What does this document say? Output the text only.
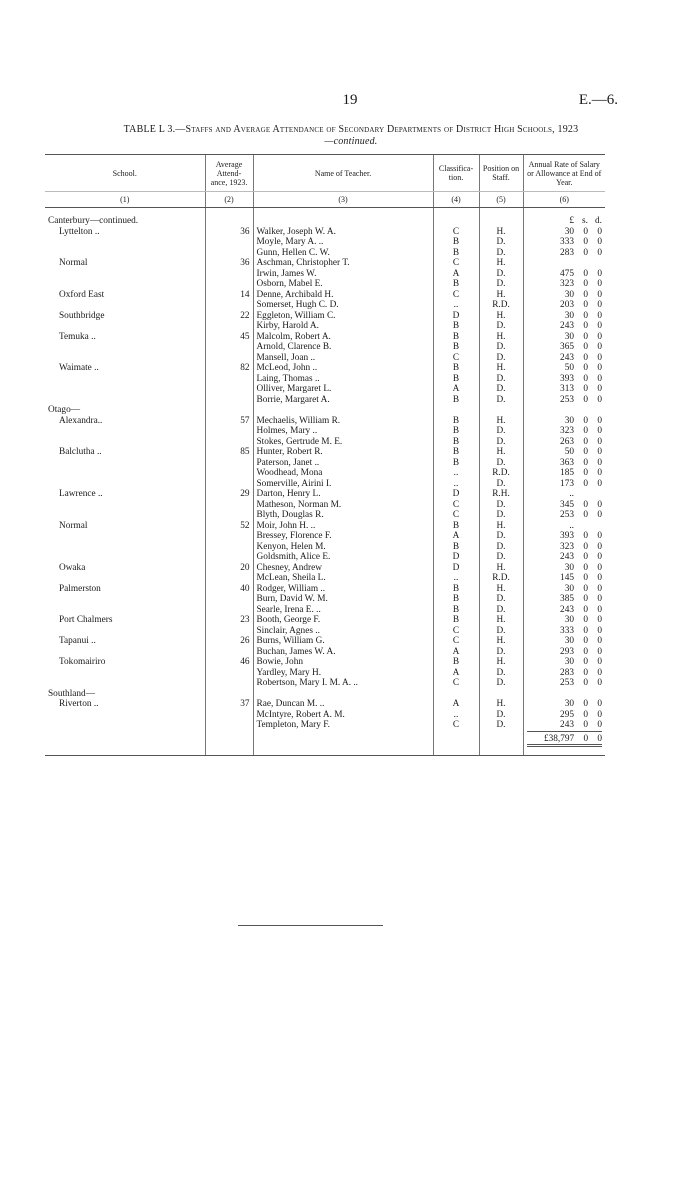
19	E.—6.
TABLE L 3.—Staffs and Average Attendance of Secondary Departments of District High Schools, 1923
—continued.
School.	Average Attend-ance, 1923.	Name of Teacher.	Classifica-tion.	Position on Staff.	Annual Rate of Salary or Allowance at End of Year.
(1)	(2)	(3)	(4)	(5)	(6)

Canterbury—continued.					£ s. d.

Lyttelton ..	36	Walker, Joseph W. A.	C	H.	30 0 0

		Moyle, Mary A. ..	B	D.	333 0 0

		Gunn, Hellen C. W.	B	D.	283 0 0

Normal	36	Aschman, Christopher T.	C	H.	

		Irwin, James W.	A	D.	475 0 0

		Osborn, Mabel E.	B	D.	323 0 0

Oxford East	14	Denne, Archibald H.	C	H.	30 0 0

		Somerset, Hugh C. D.	..	R.D.	203 0 0

Southbridge	22	Eggleton, William C.	D	H.	30 0 0

		Kirby, Harold A.	B	D.	243 0 0

Temuka ..	45	Malcolm, Robert A.	B	H.	30 0 0

		Arnold, Clarence B.	B	D.	365 0 0

		Mansell, Joan ..	C	D.	243 0 0

Waimate ..	82	McLeod, John ..	B	H.	50 0 0

		Laing, Thomas ..	B	D.	393 0 0

		Olliver, Margaret L.	A	D.	313 0 0

		Borrie, Margaret A.	B	D.	253 0 0

Otago—					
Alexandra..	57	Mechaelis, William R.	B	H.	30 0 0

		Holmes, Mary ..	B	D.	323 0 0

		Stokes, Gertrude M. E.	B	D.	263 0 0

Balclutha ..	85	Hunter, Robert R.	B	H.	50 0 0

		Paterson, Janet ..	B	D.	363 0 0

		Woodhead, Mona	..	R.D.	185 0 0

		Somerville, Airini I.	..	D.	173 0 0

Lawrence ..	29	Darton, Henry L.	D	R.H.	..

		Matheson, Norman M.	C	D.	345 0 0

		Blyth, Douglas R.	C	D.	253 0 0

Normal	52	Moir, John H. ..	B	H.	..

		Bressey, Florence F.	A	D.	393 0 0

		Kenyon, Helen M.	B	D.	323 0 0

		Goldsmith, Alice E.	D	D.	243 0 0

Owaka	20	Chesney, Andrew	D	H.	30 0 0

		McLean, Sheila L.	..	R.D.	145 0 0

Palmerston	40	Rodger, William ..	B	H.	30 0 0

		Burn, David W. M.	B	D.	385 0 0

		Searle, Irena E. ..	B	D.	243 0 0

Port Chalmers	23	Booth, George F.	B	H.	30 0 0

		Sinclair, Agnes ..	C	D.	333 0 0

Tapanui ..	26	Burns, William G.	C	H.	30 0 0

		Buchan, James W. A.	A	D.	293 0 0

Tokomairiro	46	Bowie, John	B	H.	30 0 0

		Yardley, Mary H.	A	D.	283 0 0

		Robertson, Mary I. M. A. ..	C	D.	253 0 0

Southland—					
Riverton ..	37	Rae, Duncan M. ..	A	H.	30 0 0

		McIntyre, Robert A. M.	..	D.	295 0 0

		Templeton, Mary F.	C	D.	243 0 0

					£38,797 0 0
